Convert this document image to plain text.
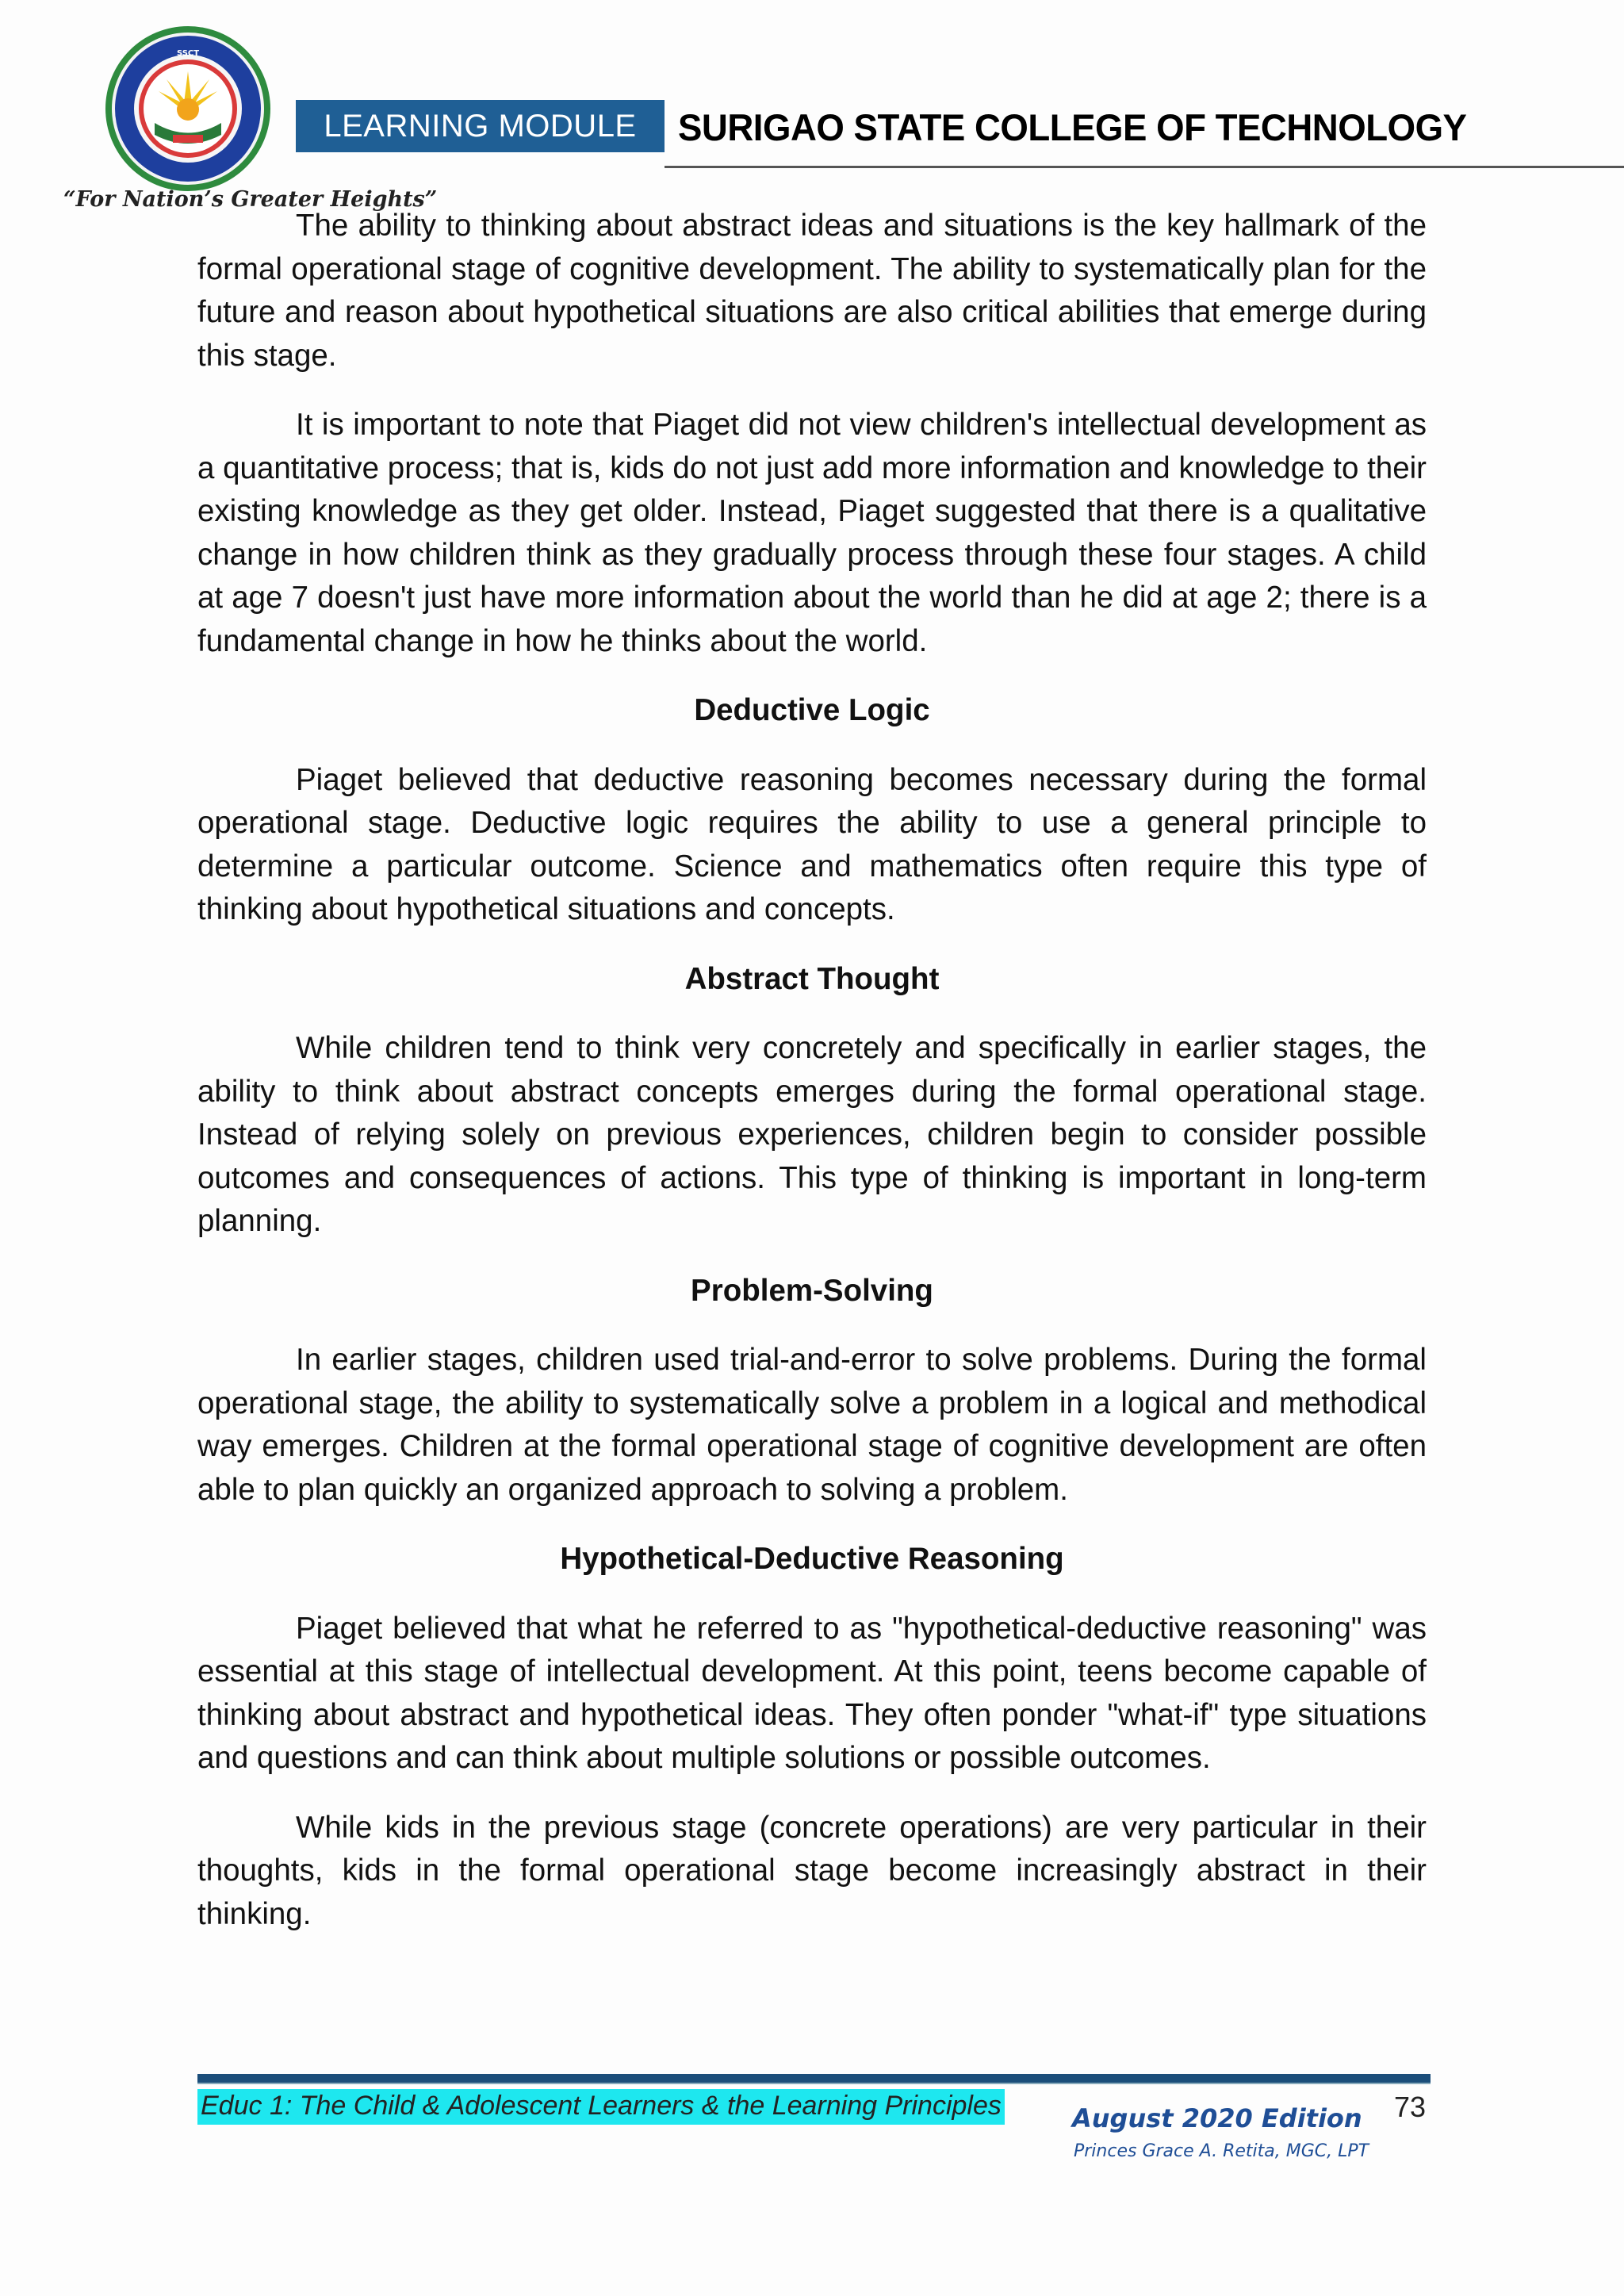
SSCT
“For Nation’s Greater Heights”
LEARNING MODULE	SURIGAO STATE COLLEGE OF TECHNOLOGY

The ability to thinking about abstract ideas and situations is the key hallmark of the formal operational stage of cognitive development. The ability to systematically plan for the future and reason about hypothetical situations are also critical abilities that emerge during this stage.

It is important to note that Piaget did not view children's intellectual development as a quantitative process; that is, kids do not just add more information and knowledge to their existing knowledge as they get older. Instead, Piaget suggested that there is a qualitative change in how children think as they gradually process through these four stages. A child at age 7 doesn't just have more information about the world than he did at age 2; there is a fundamental change in how he thinks about the world.

Deductive Logic

Piaget believed that deductive reasoning becomes necessary during the formal operational stage. Deductive logic requires the ability to use a general principle to determine a particular outcome. Science and mathematics often require this type of thinking about hypothetical situations and concepts.

Abstract Thought

While children tend to think very concretely and specifically in earlier stages, the ability to think about abstract concepts emerges during the formal operational stage. Instead of relying solely on previous experiences, children begin to consider possible outcomes and consequences of actions. This type of thinking is important in long-term planning.

Problem-Solving

In earlier stages, children used trial-and-error to solve problems. During the formal operational stage, the ability to systematically solve a problem in a logical and methodical way emerges. Children at the formal operational stage of cognitive development are often able to plan quickly an organized approach to solving a problem.

Hypothetical-Deductive Reasoning

Piaget believed that what he referred to as "hypothetical-deductive reasoning" was essential at this stage of intellectual development. At this point, teens become capable of thinking about abstract and hypothetical ideas. They often ponder "what-if" type situations and questions and can think about multiple solutions or possible outcomes.

While kids in the previous stage (concrete operations) are very particular in their thoughts, kids in the formal operational stage become increasingly abstract in their thinking.

Educ 1: The Child & Adolescent Learners & the Learning Principles	August 2020 Edition
Princes Grace A. Retita, MGC, LPT
73
